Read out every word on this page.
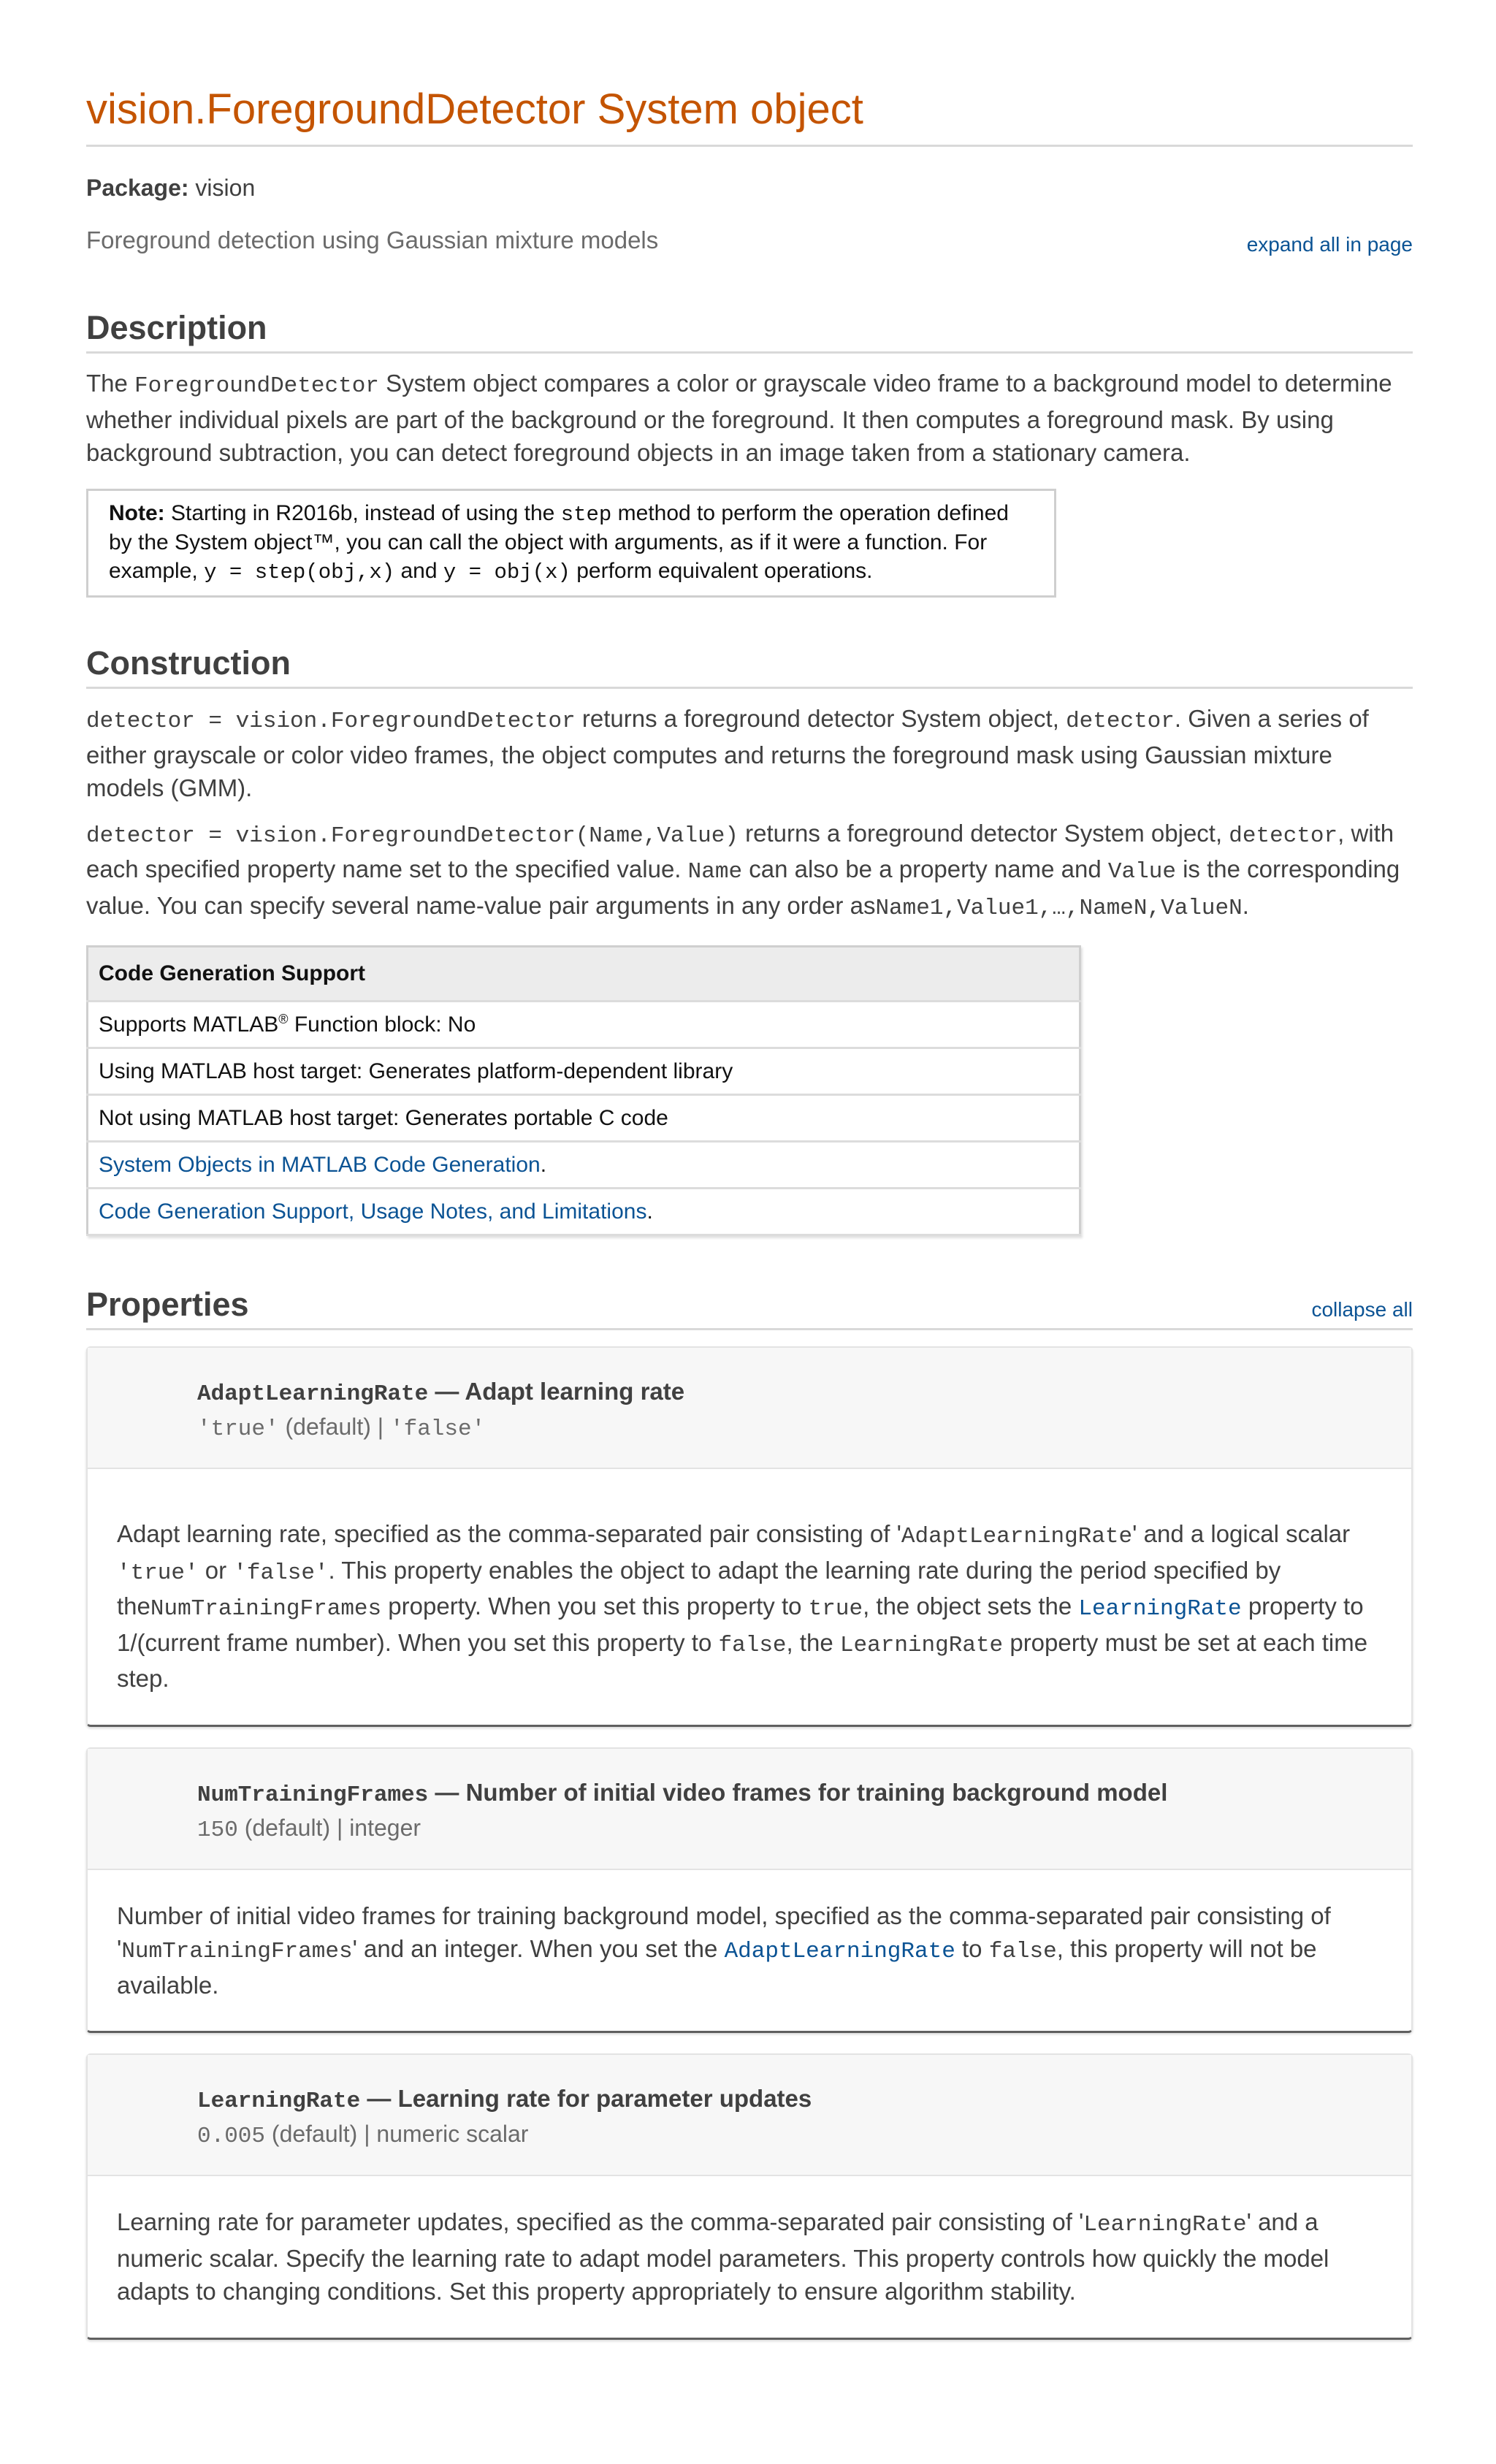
vision.ForegroundDetector System object
Package: vision
Foreground detection using Gaussian mixture models	expand all in page
Description

The ForegroundDetector System object compares a color or grayscale video frame to a background model to determine whether individual pixels are part of the background or the foreground. It then computes a foreground mask. By using background subtraction, you can detect foreground objects in an image taken from a stationary camera.

Note: Starting in R2016b, instead of using the step method to perform the operation defined by the System object™, you can call the object with arguments, as if it were a function. For example, y = step(obj,x) and y = obj(x) perform equivalent operations.
Construction

detector = vision.ForegroundDetector returns a foreground detector System object, detector. Given a series of either grayscale or color video frames, the object computes and returns the foreground mask using Gaussian mixture models (GMM).

detector = vision.ForegroundDetector(Name,Value) returns a foreground detector System object, detector, with each specified property name set to the specified value. Name can also be a property name and Value is the corresponding value. You can specify several name-value pair arguments in any order asName1,Value1,…,NameN,ValueN.

Code Generation Support
Supports MATLAB® Function block: No
Using MATLAB host target: Generates platform-dependent library
Not using MATLAB host target: Generates portable C code
System Objects in MATLAB Code Generation.
Code Generation Support, Usage Notes, and Limitations.
Properties	collapse all
AdaptLearningRate — Adapt learning rate
'true' (default) | 'false'

Adapt learning rate, specified as the comma-separated pair consisting of 'AdaptLearningRate' and a logical scalar 'true' or 'false'. This property enables the object to adapt the learning rate during the period specified by theNumTrainingFrames property. When you set this property to true, the object sets the LearningRate property to 1/(current frame number). When you set this property to false, the LearningRate property must be set at each time step.

NumTrainingFrames — Number of initial video frames for training background model
150 (default) | integer

Number of initial video frames for training background model, specified as the comma-separated pair consisting of 'NumTrainingFrames' and an integer. When you set the AdaptLearningRate to false, this property will not be available.

LearningRate — Learning rate for parameter updates
0.005 (default) | numeric scalar

Learning rate for parameter updates, specified as the comma-separated pair consisting of 'LearningRate' and a numeric scalar. Specify the learning rate to adapt model parameters. This property controls how quickly the model adapts to changing conditions. Set this property appropriately to ensure algorithm stability.
